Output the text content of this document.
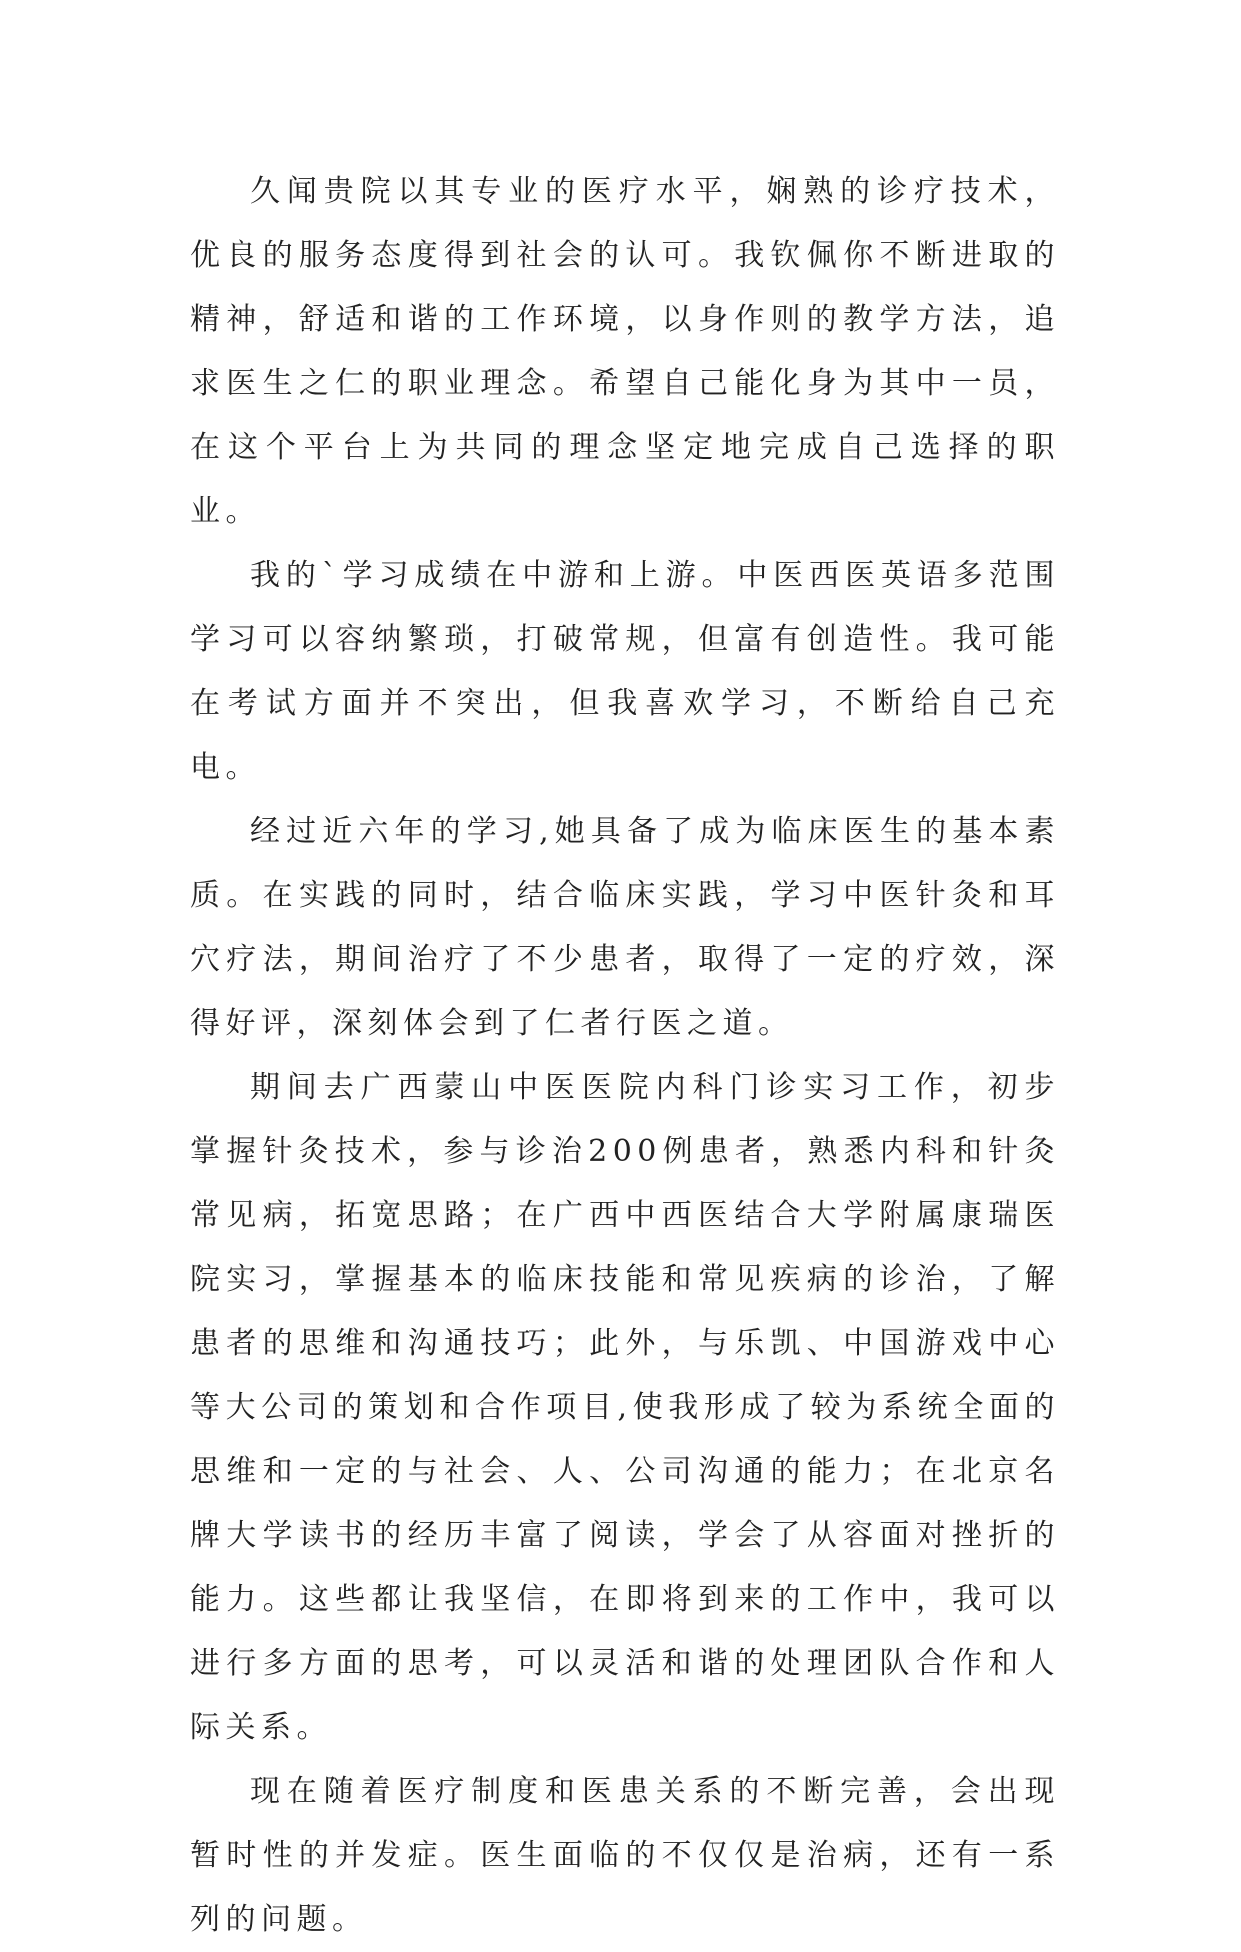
久闻贵院以其专业的医疗水平，娴熟的诊疗技术，优良的服务态度得到社会的认可。我钦佩你不断进取的精神，舒适和谐的工作环境，以身作则的教学方法，追求医生之仁的职业理念。希望自己能化身为其中一员，在这个平台上为共同的理念坚定地完成自己选择的职业。

我的`学习成绩在中游和上游。中医西医英语多范围学习可以容纳繁琐，打破常规，但富有创造性。我可能在考试方面并不突出，但我喜欢学习，不断给自己充电。

经过近六年的学习,她具备了成为临床医生的基本素质。在实践的同时，结合临床实践，学习中医针灸和耳穴疗法，期间治疗了不少患者，取得了一定的疗效，深得好评，深刻体会到了仁者行医之道。

期间去广西蒙山中医医院内科门诊实习工作，初步掌握针灸技术，参与诊治200例患者，熟悉内科和针灸常见病，拓宽思路；在广西中西医结合大学附属康瑞医院实习，掌握基本的临床技能和常见疾病的诊治，了解患者的思维和沟通技巧；此外，与乐凯、中国游戏中心等大公司的策划和合作项目,使我形成了较为系统全面的思维和一定的与社会、人、公司沟通的能力；在北京名牌大学读书的经历丰富了阅读，学会了从容面对挫折的能力。这些都让我坚信，在即将到来的工作中，我可以进行多方面的思考，可以灵活和谐的处理团队合作和人际关系。

现在随着医疗制度和医患关系的不断完善，会出现暂时性的并发症。医生面临的不仅仅是治病，还有一系列的问题。
